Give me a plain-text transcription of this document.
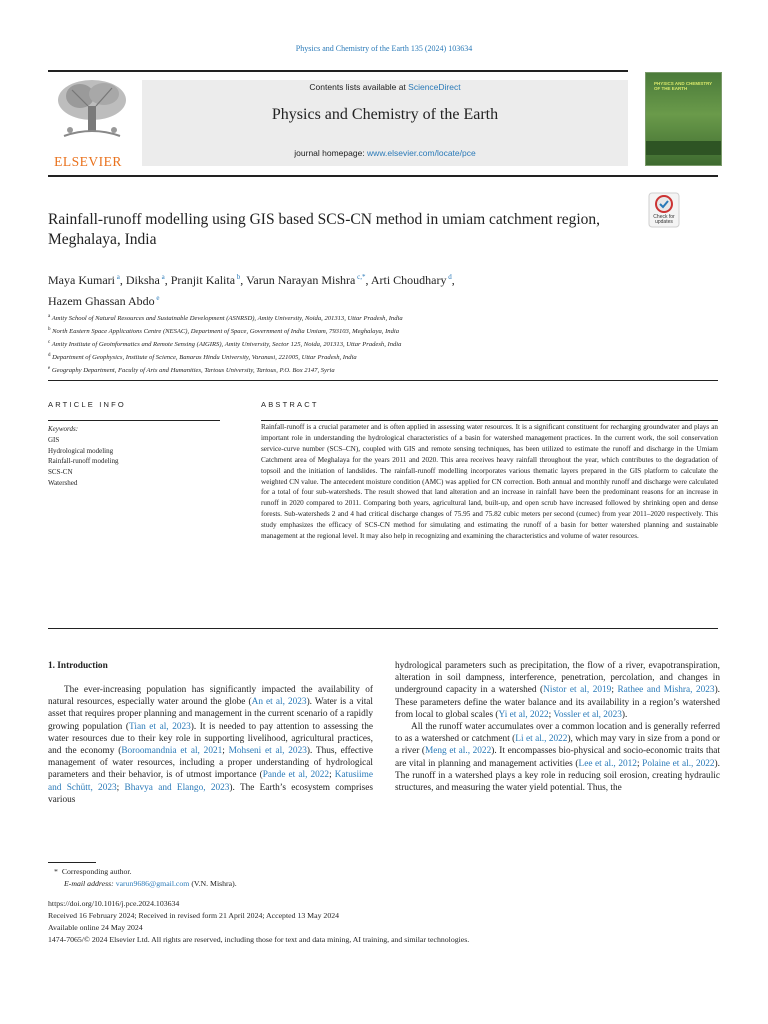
Physics and Chemistry of the Earth 135 (2024) 103634
ELSEVIER
Contents lists available at ScienceDirect
Physics and Chemistry of the Earth
journal homepage: www.elsevier.com/locate/pce
PHYSICS AND CHEMISTRY OF THE EARTH
Check for
updates
Rainfall-runoff modelling using GIS based SCS-CN method in umiam catchment region, Meghalaya, India
Maya Kumari $^a$, Diksha $^a$, Pranjit Kalita $^b$, Varun Narayan Mishra $^{c,*}$, Arti Choudhary $^d$,
Hazem Ghassan Abdo $^e$
$^a$ Amity School of Natural Resources and Sustainable Development (ASNRSD), Amity University, Noida, 201313, Uttar Pradesh, India
$^b$ North Eastern Space Applications Centre (NESAC), Department of Space, Government of India Umiam, 793103, Meghalaya, India
$^c$ Amity Institute of Geoinformatics and Remote Sensing (AIGIRS), Amity University, Sector 125, Noida, 201313, Uttar Pradesh, India
$^d$ Department of Geophysics, Institute of Science, Banaras Hindu University, Varanasi, 221005, Uttar Pradesh, India
$^e$ Geography Department, Faculty of Arts and Humanities, Tartous University, Tartous, P.O. Box 2147, Syria
ARTICLE INFO	ABSTRACT
Keywords:
GIS
Hydrological modeling
Rainfall-runoff modeling
SCS-CN
Watershed
Rainfall-runoff is a crucial parameter and is often applied in assessing water resources. It is a significant constituent for recharging groundwater and plays an important role in understanding the hydrological characteristics of a basin for watershed management practices. In the current work, the soil conservation service-curve number (SCS–CN), coupled with GIS and remote sensing techniques, has been utilized to estimate the runoff and discharge in the Umiam Catchment area of Meghalaya for the years 2011 and 2020. This area receives heavy rainfall throughout the year, which contributes to the degradation of topsoil and the initiation of landslides. The rainfall-runoff modelling incorporates various thematic layers prepared in the GIS platform to calculate the weighted CN value. The antecedent moisture condition (AMC) was applied for CN correction. Both annual and monthly runoff and discharge were calculated for a total of four sub-watersheds. The result showed that land alteration and an increase in rainfall have been the predominant reasons for an increase in runoff in 2020 compared to 2011. Comparing both years, agricultural land, built-up, and open scrub have increased followed by shrinking open and dense forests. Sub-watersheds 2 and 4 had critical discharge changes of 75.95 and 75.82 cubic meters per second (cumec) from year 2011–2020 respectively. This study emphasizes the efficacy of SCS-CN method for simulating and estimating the runoff of a basin for better watershed planning and sustainable management at the regional level. It may also help in recognizing and examining the characteristics and volume of water resources.
1. Introduction
The ever-increasing population has significantly impacted the availability of natural resources, especially water around the globe (An et al, 2023). Water is a vital asset that requires proper planning and management in the current scenario of a rapidly growing population (Tian et al, 2023). It is needed to pay attention to assessing the water resources due to their key role in supporting livelihood, agricultural practices, and the economy (Boroomandnia et al, 2021; Mohseni et al, 2023). Thus, effective management of water resources, including a proper understanding of hydrological parameters and their behavior, is of utmost importance (Pande et al, 2022; Katusiime and Schütt, 2023; Bhavya and Elango, 2023). The Earth’s ecosystem comprises various
hydrological parameters such as precipitation, the flow of a river, evapotranspiration, alteration in soil dampness, interference, penetration, percolation, and changes in underground capacity in a watershed (Nistor et al, 2019; Rathee and Mishra, 2023). These parameters define the water balance and its availability in a region’s watershed from local to global scales (Yi et al, 2022; Vossler et al, 2023).
All the runoff water accumulates over a common location and is generally referred to as a watershed or catchment (Li et al., 2022), which may vary in size from a pond or a river (Meng et al., 2022). It encompasses bio-physical and socio-economic traits that are vital in planning and management activities (Lee et al., 2012; Polaine et al., 2022). The runoff in a watershed plays a key role in reducing soil erosion, creating hydraulic structures, and measuring the water yield potential. Thus, the
* Corresponding author.
E-mail address: varun9686@gmail.com (V.N. Mishra).
https://doi.org/10.1016/j.pce.2024.103634
Received 16 February 2024; Received in revised form 21 April 2024; Accepted 13 May 2024
Available online 24 May 2024
1474-7065/© 2024 Elsevier Ltd. All rights are reserved, including those for text and data mining, AI training, and similar technologies.
